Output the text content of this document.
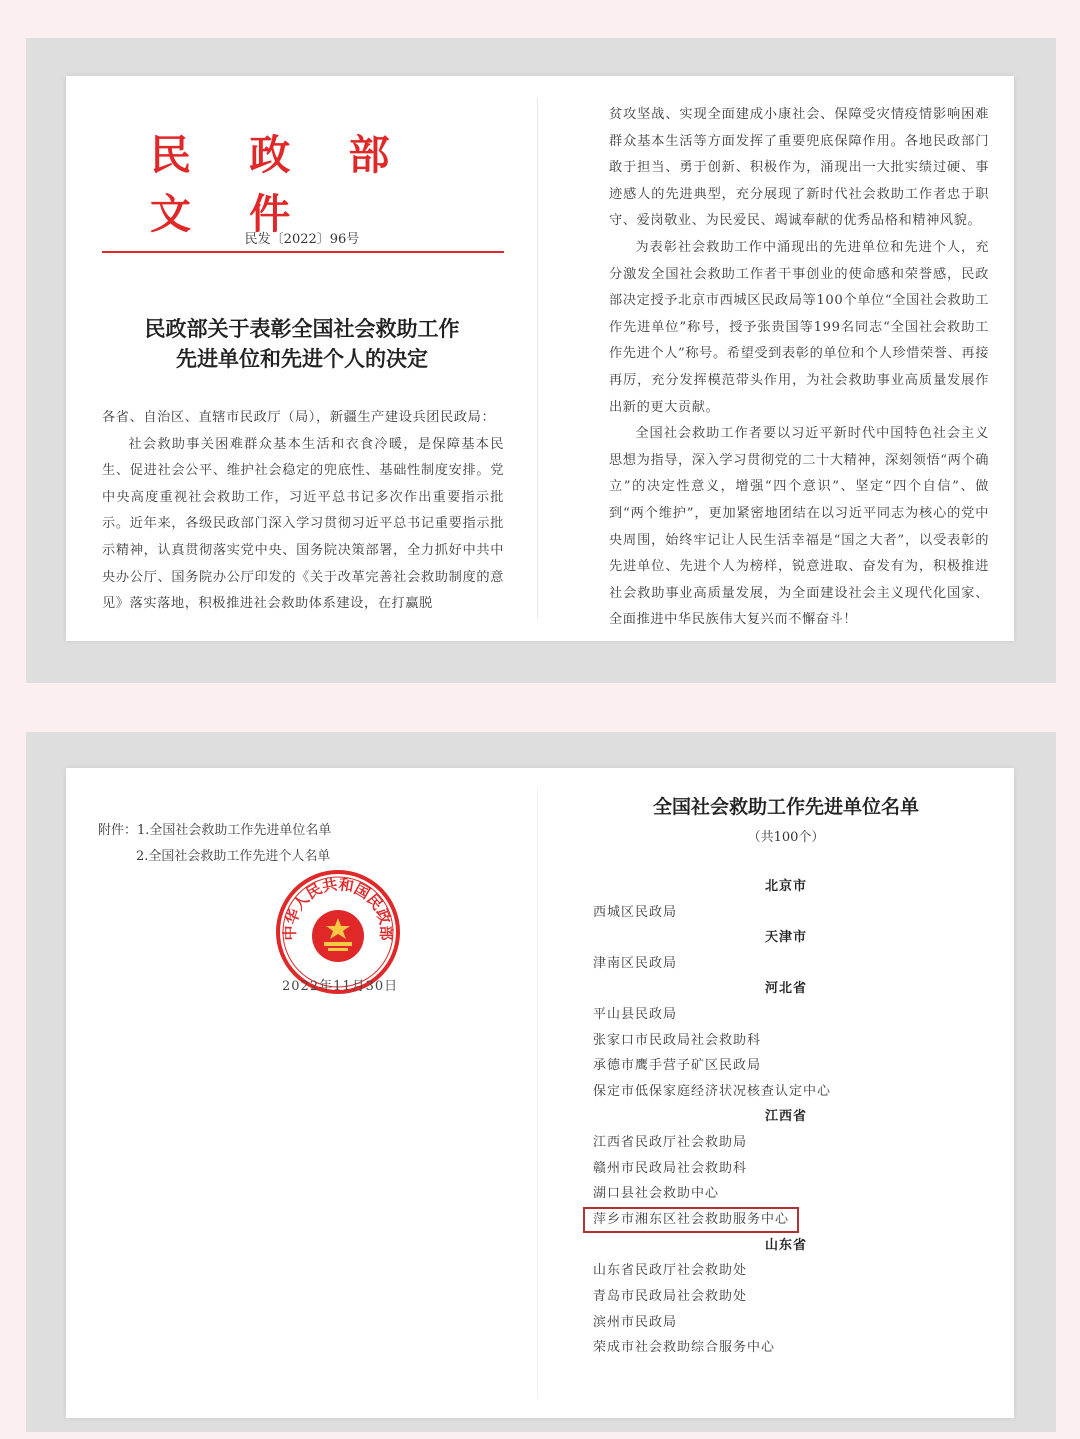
民 政 部 文 件
民发〔2022〕96号
民政部关于表彰全国社会救助工作
先进单位和先进个人的决定

各省、自治区、直辖市民政厅（局），新疆生产建设兵团民政局：

社会救助事关困难群众基本生活和衣食冷暖，是保障基本民生、促进社会公平、维护社会稳定的兜底性、基础性制度安排。党中央高度重视社会救助工作，习近平总书记多次作出重要指示批示。近年来，各级民政部门深入学习贯彻习近平总书记重要指示批示精神，认真贯彻落实党中央、国务院决策部署，全力抓好中共中央办公厅、国务院办公厅印发的《关于改革完善社会救助制度的意见》落实落地，积极推进社会救助体系建设，在打赢脱

贫攻坚战、实现全面建成小康社会、保障受灾情疫情影响困难群众基本生活等方面发挥了重要兜底保障作用。各地民政部门敢于担当、勇于创新、积极作为，涌现出一大批实绩过硬、事迹感人的先进典型，充分展现了新时代社会救助工作者忠于职守、爱岗敬业、为民爱民、竭诚奉献的优秀品格和精神风貌。

为表彰社会救助工作中涌现出的先进单位和先进个人，充分激发全国社会救助工作者干事创业的使命感和荣誉感，民政部决定授予北京市西城区民政局等100个单位“全国社会救助工作先进单位”称号，授予张贵国等199名同志“全国社会救助工作先进个人”称号。希望受到表彰的单位和个人珍惜荣誉、再接再厉，充分发挥模范带头作用，为社会救助事业高质量发展作出新的更大贡献。

全国社会救助工作者要以习近平新时代中国特色社会主义思想为指导，深入学习贯彻党的二十大精神，深刻领悟“两个确立”的决定性意义，增强“四个意识”、坚定“四个自信”、做到“两个维护”，更加紧密地团结在以习近平同志为核心的党中央周围，始终牢记让人民生活幸福是“国之大者”，以受表彰的先进单位、先进个人为榜样，锐意进取、奋发有为，积极推进社会救助事业高质量发展，为全面建设社会主义现代化国家、全面推进中华民族伟大复兴而不懈奋斗！

附件：1.全国社会救助工作先进单位名单
2.全国社会救助工作先进个人名单
中华人民共和国民政部
2022年11月30日
全国社会救助工作先进单位名单
（共100个）
北京市
西城区民政局
天津市
津南区民政局
河北省
平山县民政局
张家口市民政局社会救助科
承德市鹰手营子矿区民政局
保定市低保家庭经济状况核查认定中心
江西省
江西省民政厅社会救助局
赣州市民政局社会救助科
湖口县社会救助中心
萍乡市湘东区社会救助服务中心
山东省
山东省民政厅社会救助处
青岛市民政局社会救助处
滨州市民政局
荣成市社会救助综合服务中心
